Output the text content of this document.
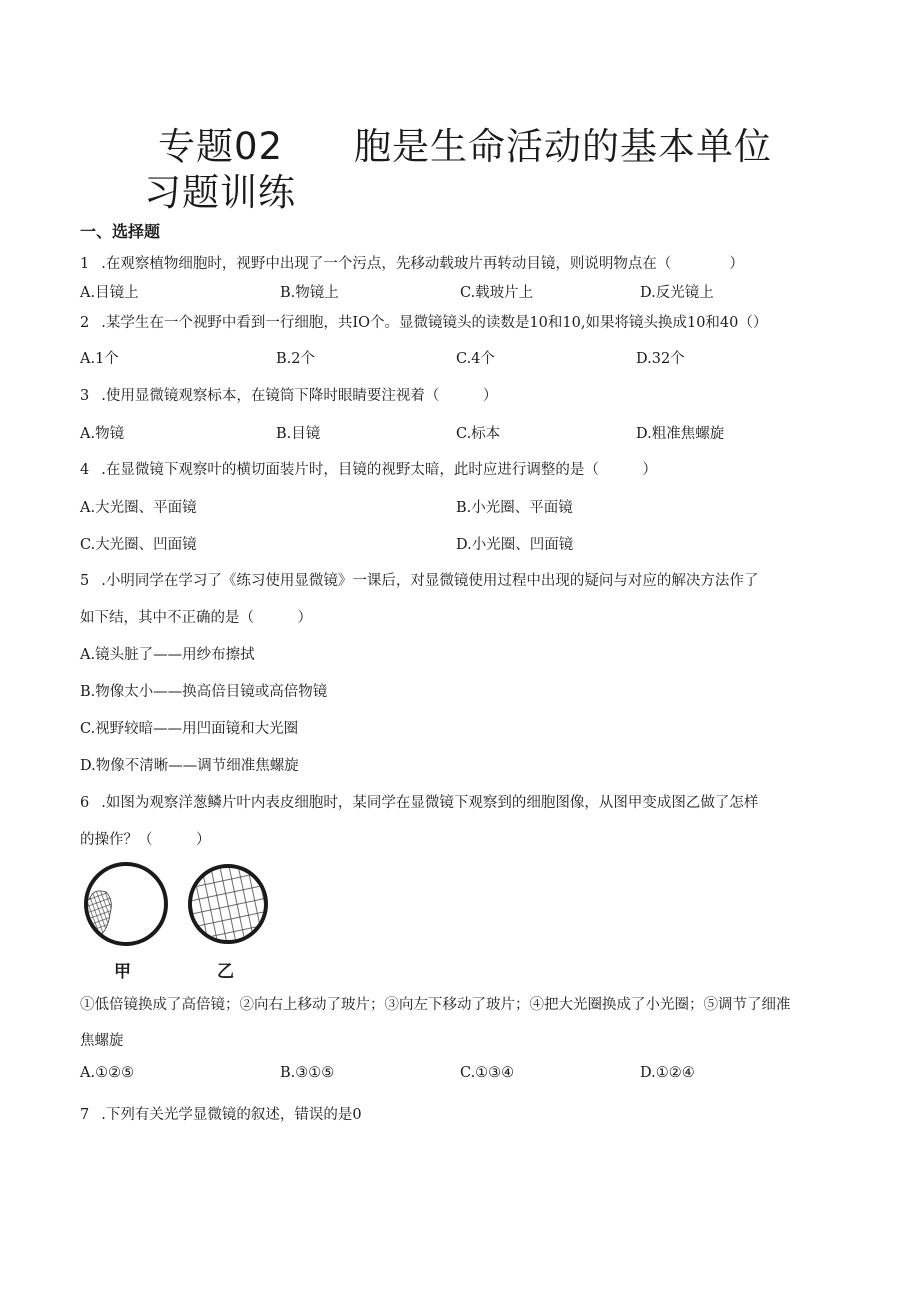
专题02 胞是生命活动的基本单位
习题训练
一、选择题
1 .在观察植物细胞时，视野中出现了一个污点，先移动载玻片再转动目镜，则说明物点在（　　　　）
A.目镜上	B.物镜上	C.载玻片上	D.反光镜上
2 .某学生在一个视野中看到一行细胞，共IO个。显微镜镜头的读数是10和10,如果将镜头换成10和40（）
A.1个	B.2个	C.4个	D.32个
3 .使用显微镜观察标本，在镜筒下降时眼睛要注视着（　　　）
A.物镜	B.目镜	C.标本	D.粗准焦螺旋
4 .在显微镜下观察叶的横切面装片时，目镜的视野太暗，此时应进行调整的是（　　　）
A.大光圈、平面镜	B.小光圈、平面镜
C.大光圈、凹面镜	D.小光圈、凹面镜
5 .小明同学在学习了《练习使用显微镜》一课后，对显微镜使用过程中出现的疑问与对应的解决方法作了
如下结，其中不正确的是（　　　）
A.镜头脏了——用纱布擦拭
B.物像太小——换高倍目镜或高倍物镜
C.视野较暗——用凹面镜和大光圈
D.物像不清晰——调节细准焦螺旋
6 .如图为观察洋葱鳞片叶内表皮细胞时，某同学在显微镜下观察到的细胞图像，从图甲变成图乙做了怎样
的操作？（　　　）
甲	乙
①低倍镜换成了高倍镜；②向右上移动了玻片；③向左下移动了玻片；④把大光圈换成了小光圈；⑤调节了细准
焦螺旋
A.①②⑤	B.③①⑤	C.①③④	D.①②④
7 .下列有关光学显微镜的叙述，错误的是0
